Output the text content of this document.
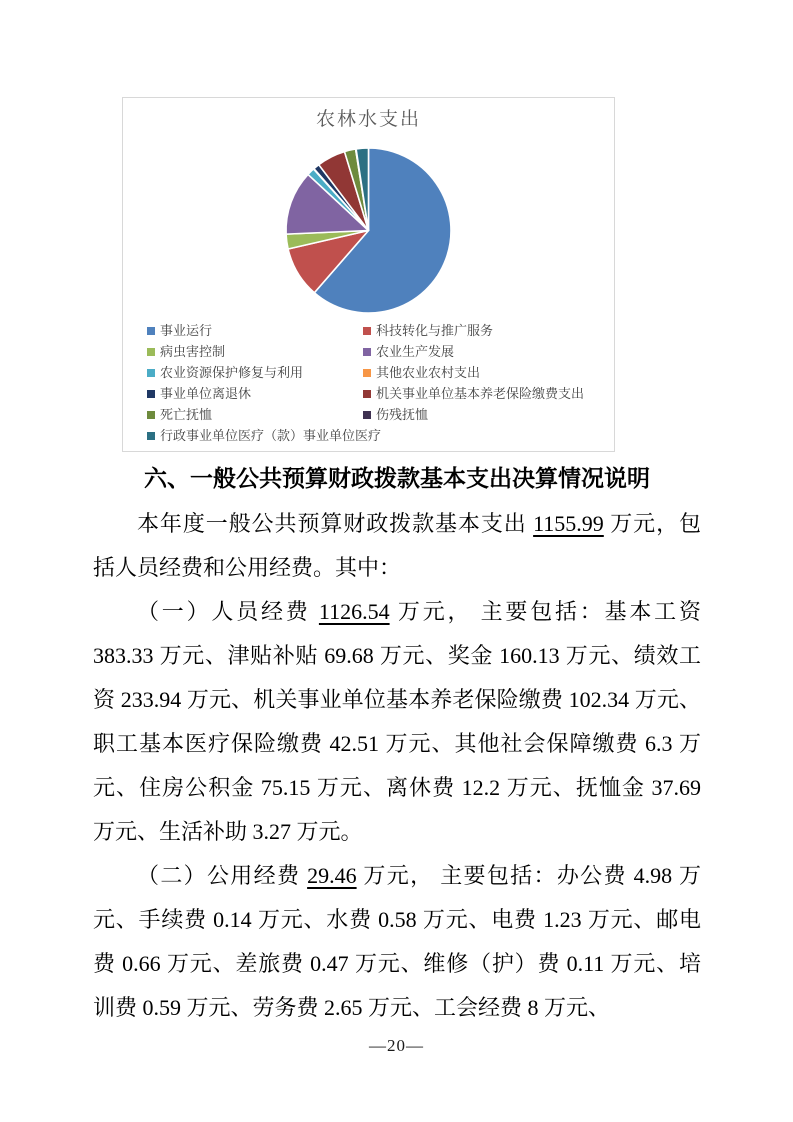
农林水支出
事业运行	科技转化与推广服务
病虫害控制	农业生产发展
农业资源保护修复与利用	其他农业农村支出
事业单位离退休	机关事业单位基本养老保险缴费支出
死亡抚恤	伤残抚恤
行政事业单位医疗（款）事业单位医疗
六、一般公共预算财政拨款基本支出决算情况说明

本年度一般公共预算财政拨款基本支出 1155.99 万元，包括人员经费和公用经费。其中：

（一）人员经费 1126.54 万元， 主要包括：基本工资 383.33 万元、津贴补贴 69.68 万元、奖金 160.13 万元、绩效工资 233.94 万元、机关事业单位基本养老保险缴费 102.34 万元、职工基本医疗保险缴费 42.51 万元、其他社会保障缴费 6.3 万元、住房公积金 75.15 万元、离休费 12.2 万元、抚恤金 37.69 万元、生活补助 3.27 万元。

（二）公用经费 29.46 万元， 主要包括：办公费 4.98 万元、手续费 0.14 万元、水费 0.58 万元、电费 1.23 万元、邮电费 0.66 万元、差旅费 0.47 万元、维修（护）费 0.11 万元、培训费 0.59 万元、劳务费 2.65 万元、工会经费 8 万元、

—20—
